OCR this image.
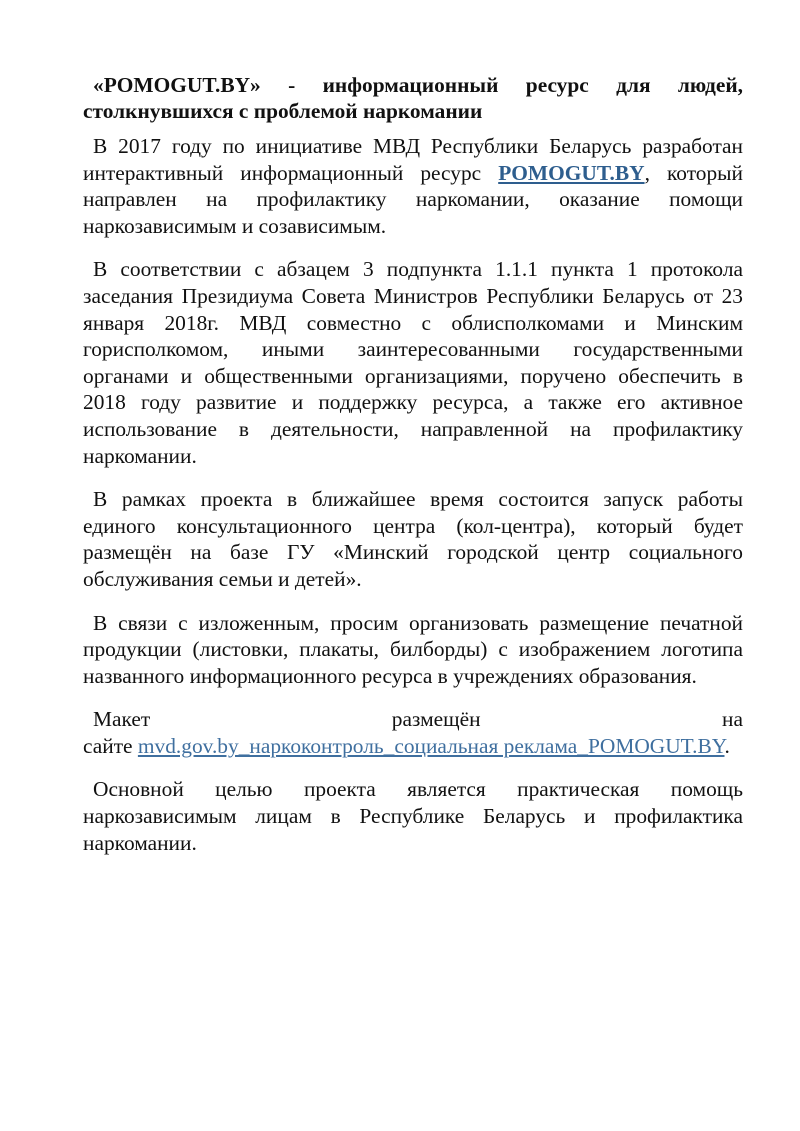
«POMOGUT.BY» - информационный ресурс для людей, столкнувшихся с проблемой наркомании

В 2017 году по инициативе МВД Республики Беларусь разработан интерактивный информационный ресурс POMOGUT.BY, который направлен на профилактику наркомании, оказание помощи наркозависимым и созависимым.

В соответствии с абзацем 3 подпункта 1.1.1 пункта 1 протокола заседания Президиума Совета Министров Республики Беларусь от 23 января 2018г. МВД совместно с облисполкомами и Минским горисполкомом, иными заинтересованными государственными органами и общественными организациями, поручено обеспечить в 2018 году развитие и поддержку ресурса, а также его активное использование в деятельности, направленной на профилактику наркомании.

В рамках проекта в ближайшее время состоится запуск работы единого консультационного центра (кол-центра), который будет размещён на базе ГУ «Минский городской центр социального обслуживания семьи и детей».

В связи с изложенным, просим организовать размещение печатной продукции (листовки, плакаты, билборды) с изображением логотипа названного информационного ресурса в учреждениях образования.

Макет размещён на
сайте mvd.gov.by_наркоконтроль_социальная реклама_POMOGUT.BY.

Основной целью проекта является практическая помощь наркозависимым лицам в Республике Беларусь и профилактика наркомании.
